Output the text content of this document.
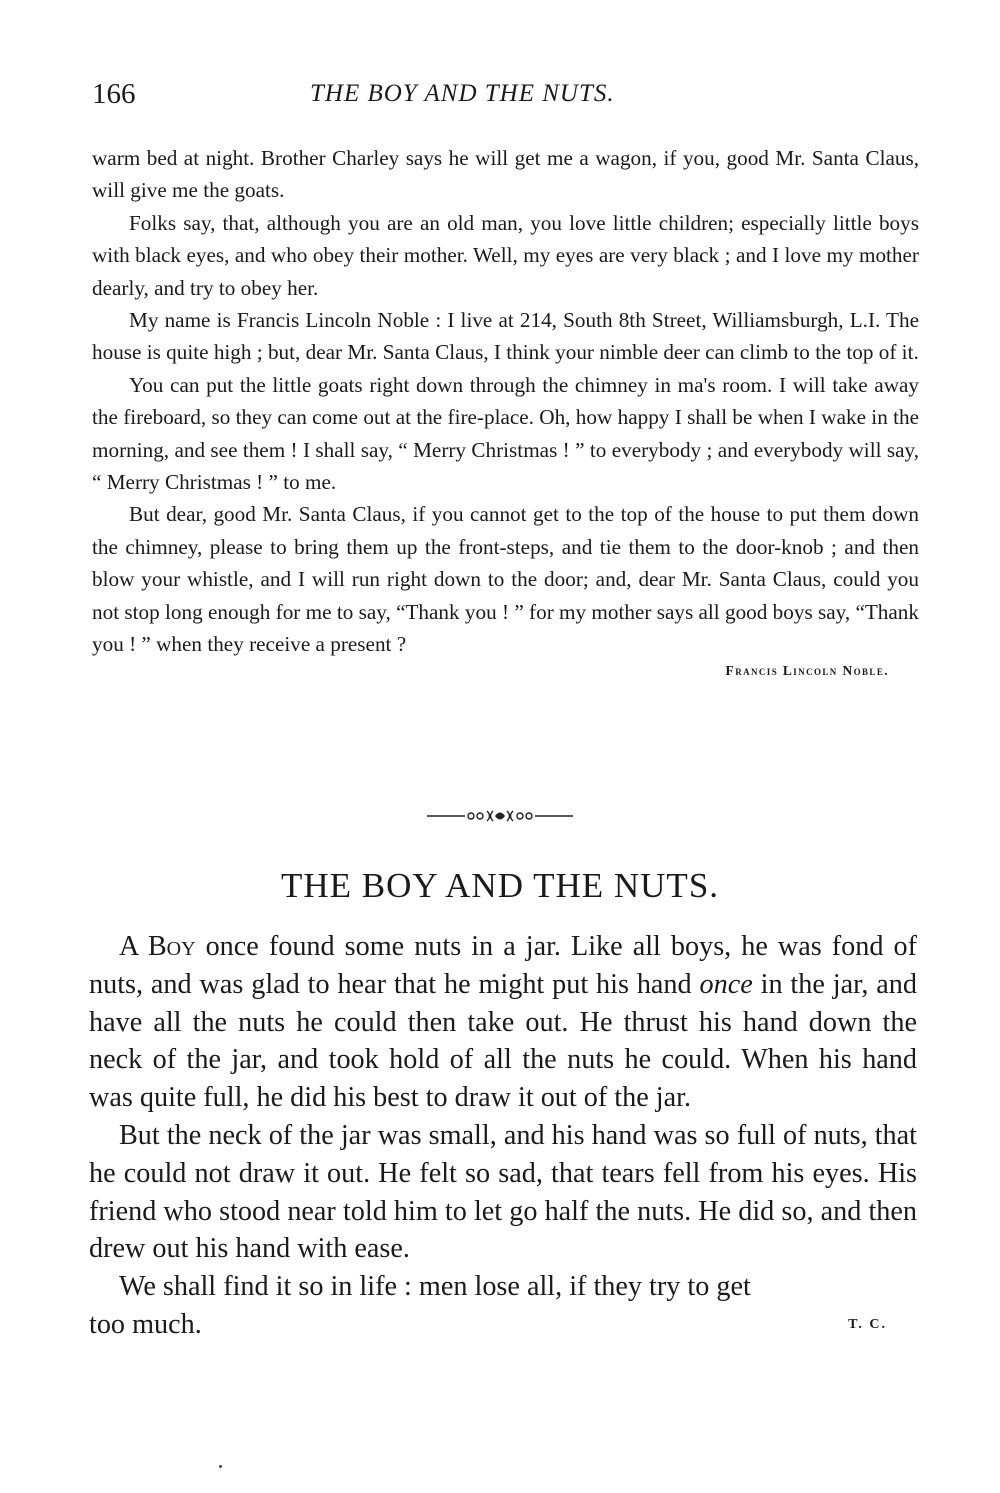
166	THE BOY AND THE NUTS.

warm bed at night. Brother Charley says he will get me a wagon, if you, good Mr. Santa Claus, will give me the goats.

Folks say, that, although you are an old man, you love little children; especially little boys with black eyes, and who obey their mother. Well, my eyes are very black ; and I love my mother dearly, and try to obey her.

My name is Francis Lincoln Noble : I live at 214, South 8th Street, Williamsburgh, L.I. The house is quite high ; but, dear Mr. Santa Claus, I think your nimble deer can climb to the top of it.

You can put the little goats right down through the chimney in ma's room. I will take away the fireboard, so they can come out at the fire-place. Oh, how happy I shall be when I wake in the morning, and see them ! I shall say, “ Merry Christmas ! ” to everybody ; and everybody will say, “ Merry Christmas ! ” to me.

But dear, good Mr. Santa Claus, if you cannot get to the top of the house to put them down the chimney, please to bring them up the front-steps, and tie them to the door-knob ; and then blow your whistle, and I will run right down to the door; and, dear Mr. Santa Claus, could you not stop long enough for me to say, “Thank you ! ” for my mother says all good boys say, “Thank you ! ” when they receive a present ?

Francis Lincoln Noble.
THE BOY AND THE NUTS.

A Boy once found some nuts in a jar. Like all boys, he was fond of nuts, and was glad to hear that he might put his hand once in the jar, and have all the nuts he could then take out. He thrust his hand down the neck of the jar, and took hold of all the nuts he could. When his hand was quite full, he did his best to draw it out of the jar.

But the neck of the jar was small, and his hand was so full of nuts, that he could not draw it out. He felt so sad, that tears fell from his eyes. His friend who stood near told him to let go half the nuts. He did so, and then drew out his hand with ease.

We shall find it so in life : men lose all, if they try to get

too much.	T. C.
